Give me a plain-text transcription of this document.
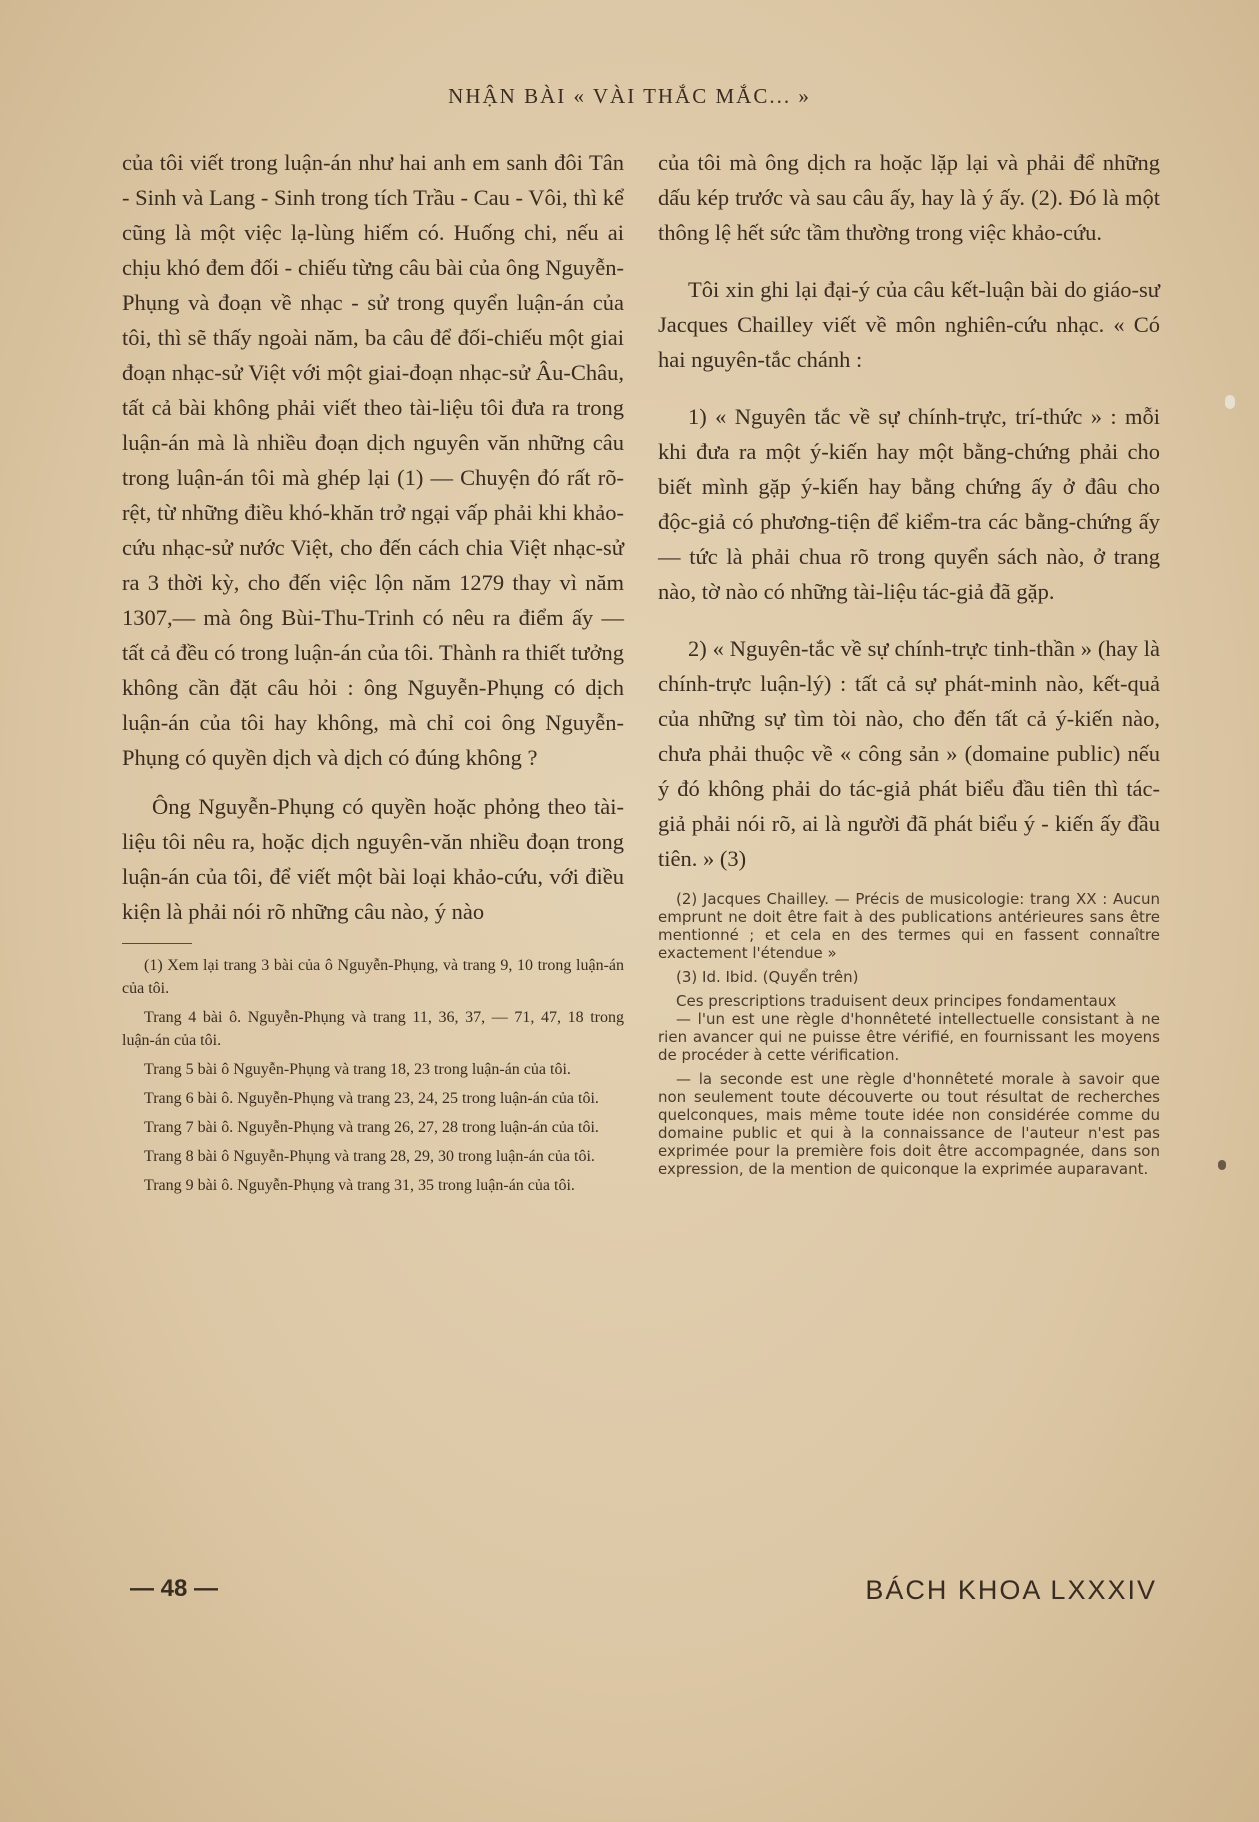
NHẬN BÀI « VÀI THẮC MẮC... »

của tôi viết trong luận-án như hai anh em sanh đôi Tân - Sinh và Lang - Sinh trong tích Trầu - Cau - Vôi, thì kể cũng là một việc lạ-lùng hiếm có. Huống chi, nếu ai chịu khó đem đối - chiếu từng câu bài của ông Nguyễn-Phụng và đoạn về nhạc - sử trong quyển luận-án của tôi, thì sẽ thấy ngoài năm, ba câu để đối-chiếu một giai đoạn nhạc-sử Việt với một giai-đoạn nhạc-sử Âu-Châu, tất cả bài không phải viết theo tài-liệu tôi đưa ra trong luận-án mà là nhiều đoạn dịch nguyên văn những câu trong luận-án tôi mà ghép lại (1) — Chuyện đó rất rõ-rệt, từ những điều khó-khăn trở ngại vấp phải khi khảo-cứu nhạc-sử nước Việt, cho đến cách chia Việt nhạc-sử ra 3 thời kỳ, cho đến việc lộn năm 1279 thay vì năm 1307,— mà ông Bùi-Thu-Trinh có nêu ra điểm ấy — tất cả đều có trong luận-án của tôi. Thành ra thiết tưởng không cần đặt câu hỏi : ông Nguyễn-Phụng có dịch luận-án của tôi hay không, mà chỉ coi ông Nguyễn-Phụng có quyền dịch và dịch có đúng không ?

Ông Nguyễn-Phụng có quyền hoặc phỏng theo tài-liệu tôi nêu ra, hoặc dịch nguyên-văn nhiều đoạn trong luận-án của tôi, để viết một bài loại khảo-cứu, với điều kiện là phải nói rõ những câu nào, ý nào

(1) Xem lại trang 3 bài của ô Nguyễn-Phụng, và trang 9, 10 trong luận-án của tôi.

Trang 4 bài ô. Nguyễn-Phụng và trang 11, 36, 37, — 71, 47, 18 trong luận-án của tôi.

Trang 5 bài ô Nguyễn-Phụng và trang 18, 23 trong luận-án của tôi.

Trang 6 bài ô. Nguyễn-Phụng và trang 23, 24, 25 trong luận-án của tôi.

Trang 7 bài ô. Nguyễn-Phụng và trang 26, 27, 28 trong luận-án của tôi.

Trang 8 bài ô Nguyễn-Phụng và trang 28, 29, 30 trong luận-án của tôi.

Trang 9 bài ô. Nguyễn-Phụng và trang 31, 35 trong luận-án của tôi.

của tôi mà ông dịch ra hoặc lặp lại và phải để những dấu kép trước và sau câu ấy, hay là ý ấy. (2). Đó là một thông lệ hết sức tầm thường trong việc khảo-cứu.

Tôi xin ghi lại đại-ý của câu kết-luận bài do giáo-sư Jacques Chailley viết về môn nghiên-cứu nhạc. « Có hai nguyên-tắc chánh :

1) « Nguyên tắc về sự chính-trực, trí-thức » : mỗi khi đưa ra một ý-kiến hay một bằng-chứng phải cho biết mình gặp ý-kiến hay bằng chứng ấy ở đâu cho độc-giả có phương-tiện để kiểm-tra các bằng-chứng ấy — tức là phải chua rõ trong quyển sách nào, ở trang nào, tờ nào có những tài-liệu tác-giả đã gặp.

2) « Nguyên-tắc về sự chính-trực tinh-thần » (hay là chính-trực luận-lý) : tất cả sự phát-minh nào, kết-quả của những sự tìm tòi nào, cho đến tất cả ý-kiến nào, chưa phải thuộc về « công sản » (domaine public) nếu ý đó không phải do tác-giả phát biểu đầu tiên thì tác-giả phải nói rõ, ai là người đã phát biểu ý - kiến ấy đầu tiên. » (3)

(2) Jacques Chailley. — Précis de musicologie: trang XX : Aucun emprunt ne doit être fait à des publications antérieures sans être mentionné ; et cela en des termes qui en fassent connaître exactement l'étendue »

(3) Id. Ibid. (Quyển trên)

Ces prescriptions traduisent deux principes fondamentaux

— l'un est une règle d'honnêteté intellectuelle consistant à ne rien avancer qui ne puisse être vérifié, en fournissant les moyens de procéder à cette vérification.

— la seconde est une règle d'honnêteté morale à savoir que non seulement toute découverte ou tout résultat de recherches quelconques, mais même toute idée non considérée comme du domaine public et qui à la connaissance de l'auteur n'est pas exprimée pour la première fois doit être accompagnée, dans son expression, de la mention de quiconque la exprimée auparavant.

— 48 —	BÁCH KHOA LXXXIV
